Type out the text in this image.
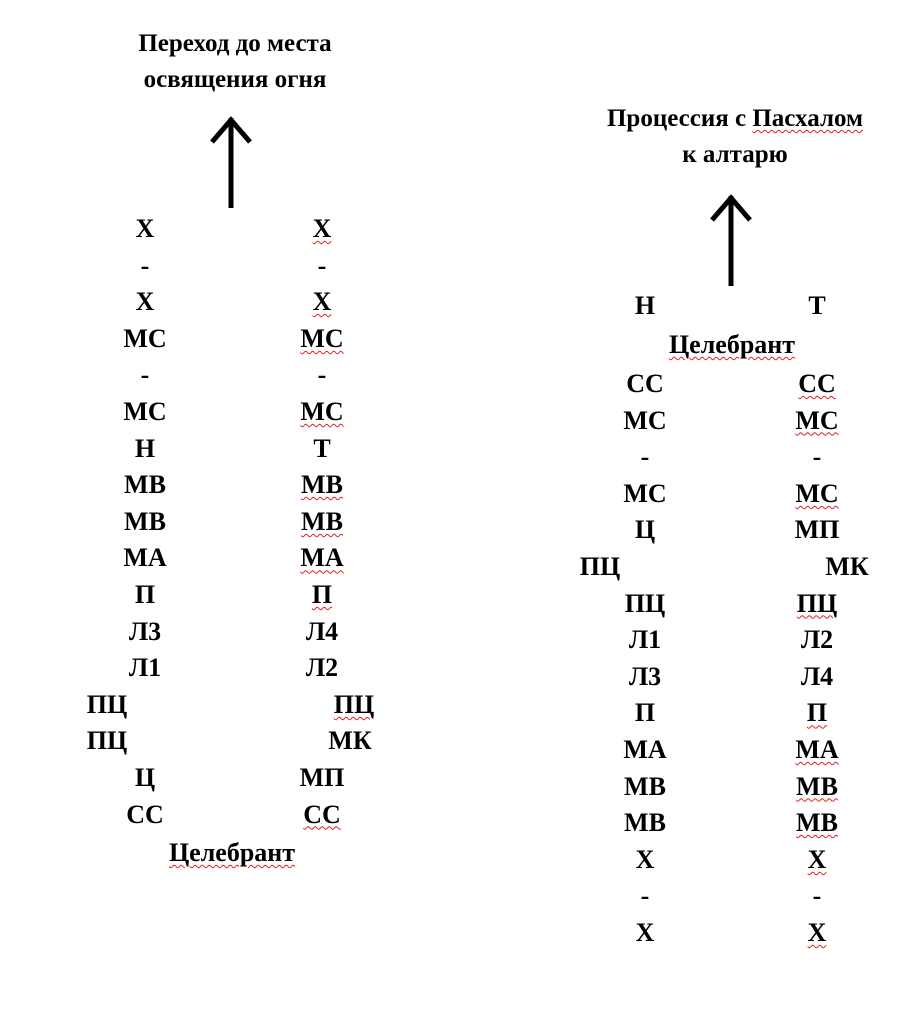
Переход до места
освящения огня
Х	Х
-	-
Х	Х
МС	МС
-	-
МС	МС
Н	Т
МВ	МВ
МВ	МВ
МА	МА
П	П
Л3	Л4
Л1	Л2
ПЦ	ПЦ
ПЦ	МК
Ц	МП
СС	СС
Целебрант
Процессия с Пасхалом
к алтарю
Н	Т
Целебрант
СС	СС
МС	МС
-	-
МС	МС
Ц	МП
ПЦ	МК
ПЦ	ПЦ
Л1	Л2
Л3	Л4
П	П
МА	МА
МВ	МВ
МВ	МВ
Х	Х
-	-
Х	Х
